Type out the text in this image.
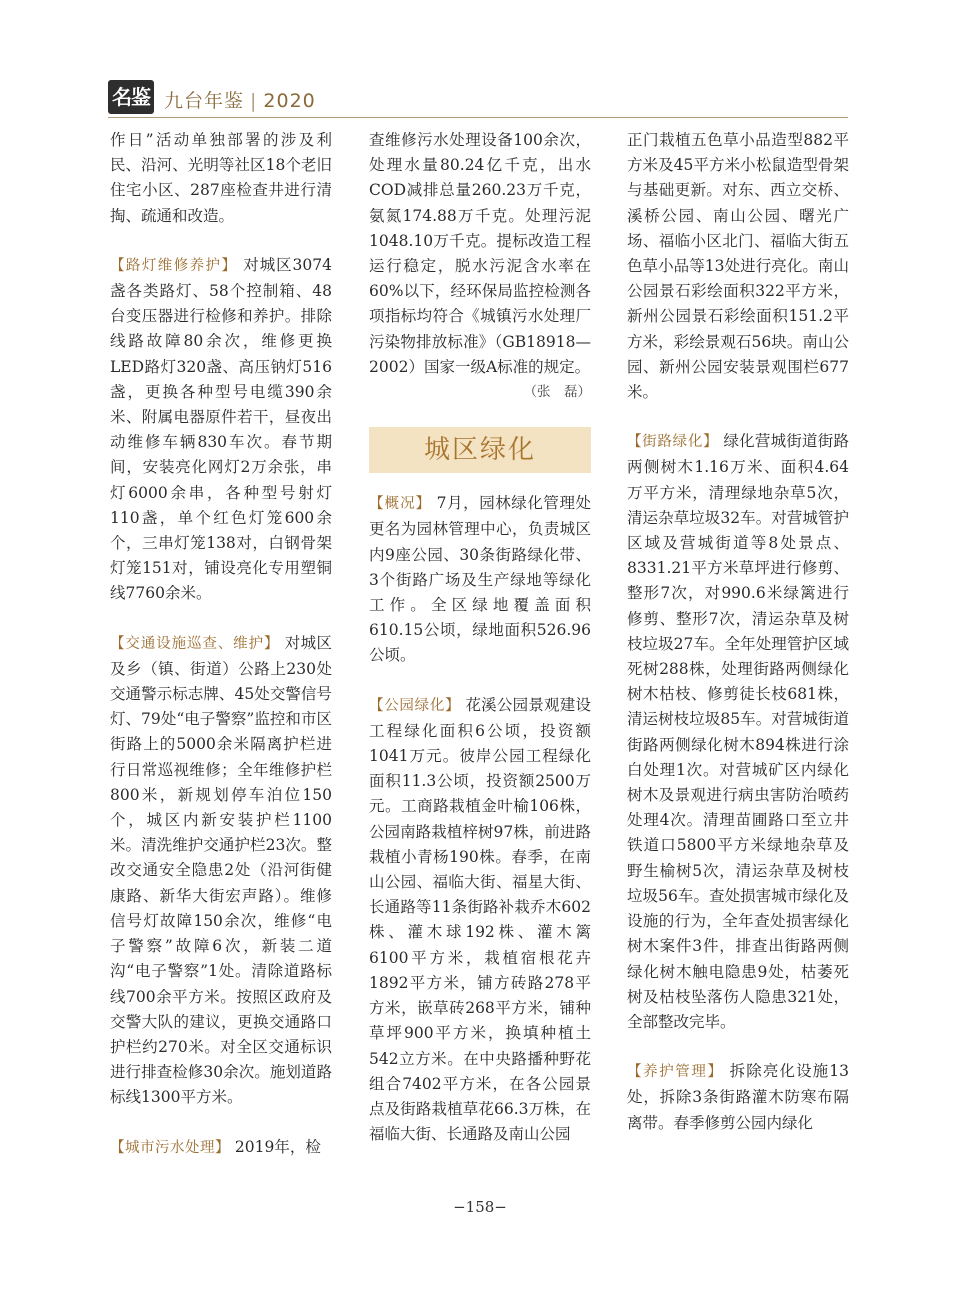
名鉴 九台年鉴 | 2020

作日”活动单独部署的涉及利民、沿河、光明等社区18个老旧住宅小区、287座检查井进行清掏、疏通和改造。

【路灯维修养护】 对城区3074盏各类路灯、58个控制箱、48台变压器进行检修和养护。排除线路故障80余次，维修更换LED路灯320盏、高压钠灯516盏，更换各种型号电缆390余米、附属电器原件若干，昼夜出动维修车辆830车次。春节期间，安装亮化网灯2万余张，串灯6000余串，各种型号射灯110盏，单个红色灯笼600余个，三串灯笼138对，白钢骨架灯笼151对，铺设亮化专用塑铜线7760余米。

【交通设施巡查、维护】 对城区及乡（镇、街道）公路上230处交通警示标志牌、45处交警信号灯、79处“电子警察”监控和市区街路上的5000余米隔离护栏进行日常巡视维修；全年维修护栏800米，新规划停车泊位150个，城区内新安装护栏1100米。清洗维护交通护栏23次。整改交通安全隐患2处（沿河街健康路、新华大街宏声路）。维修信号灯故障150余次，维修“电子警察”故障6次，新装二道沟“电子警察”1处。清除道路标线700余平方米。按照区政府及交警大队的建议，更换交通路口护栏约270米。对全区交通标识进行排查检修30余次。施划道路标线1300平方米。

【城市污水处理】 2019年，检

查维修污水处理设备100余次，处理水量80.24亿千克，出水COD减排总量260.23万千克，氨氮174.88万千克。处理污泥1048.10万千克。提标改造工程运行稳定，脱水污泥含水率在60%以下，经环保局监控检测各项指标均符合《城镇污水处理厂污染物排放标准》（GB18918—2002）国家一级A标准的规定。

（张　磊）

城区绿化

【概况】 7月，园林绿化管理处更名为园林管理中心，负责城区内9座公园、30条街路绿化带、3个街路广场及生产绿地等绿化工作。全区绿地覆盖面积610.15公顷，绿地面积526.96公顷。

【公园绿化】 花溪公园景观建设工程绿化面积6公顷，投资额1041万元。彼岸公园工程绿化面积11.3公顷，投资额2500万元。工商路栽植金叶榆106株，公园南路栽植梓树97株，前进路栽植小青杨190株。春季，在南山公园、福临大街、福星大街、长通路等11条街路补栽乔木602株、灌木球192株、灌木篱6100平方米，栽植宿根花卉1892平方米，铺方砖路278平方米，嵌草砖268平方米，铺种草坪900平方米，换填种植土542立方米。在中央路播种野花组合7402平方米，在各公园景点及街路栽植草花66.3万株，在福临大街、长通路及南山公园

正门栽植五色草小品造型882平方米及45平方米小松鼠造型骨架与基础更新。对东、西立交桥、溪桥公园、南山公园、曙光广场、福临小区北门、福临大街五色草小品等13处进行亮化。南山公园景石彩绘面积322平方米，新州公园景石彩绘面积151.2平方米，彩绘景观石56块。南山公园、新州公园安装景观围栏677米。

【街路绿化】 绿化营城街道街路两侧树木1.16万米、面积4.64万平方米，清理绿地杂草5次，清运杂草垃圾32车。对营城管护区域及营城街道等8处景点、8331.21平方米草坪进行修剪、整形7次，对990.6米绿篱进行修剪、整形7次，清运杂草及树枝垃圾27车。全年处理管护区域死树288株，处理街路两侧绿化树木枯枝、修剪徒长枝681株，清运树枝垃圾85车。对营城街道街路两侧绿化树木894株进行涂白处理1次。对营城矿区内绿化树木及景观进行病虫害防治喷药处理4次。清理苗圃路口至立井铁道口5800平方米绿地杂草及野生榆树5次，清运杂草及树枝垃圾56车。查处损害城市绿化及设施的行为，全年查处损害绿化树木案件3件，排查出街路两侧绿化树木触电隐患9处，枯萎死树及枯枝坠落伤人隐患321处，全部整改完毕。

【养护管理】 拆除亮化设施13处，拆除3条街路灌木防寒布隔离带。春季修剪公园内绿化

−158−
